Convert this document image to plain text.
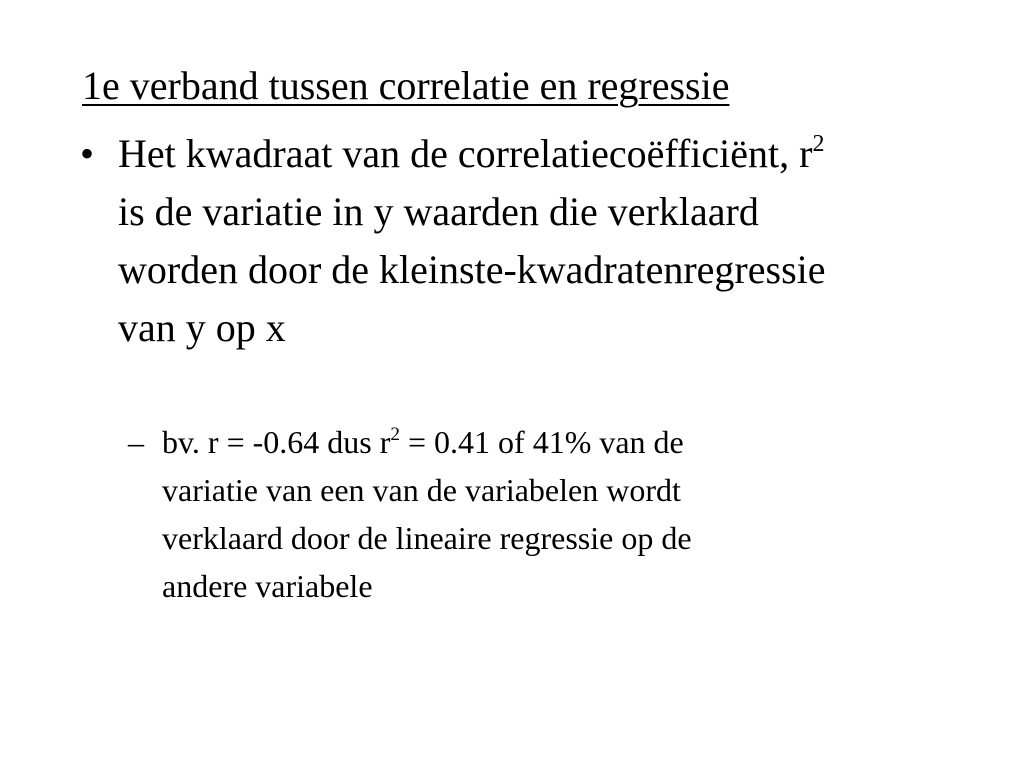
1e verband tussen correlatie en regressie
• Het kwadraat van de correlatiecoëfficiënt, $r^2$
is de variatie in y waarden die verklaard
worden door de kleinste-kwadratenregressie
van y op x
– bv. r = -0.64 dus $r^2 = 0.41$ of 41% van de
variatie van een van de variabelen wordt
verklaard door de lineaire regressie op de
andere variabele
